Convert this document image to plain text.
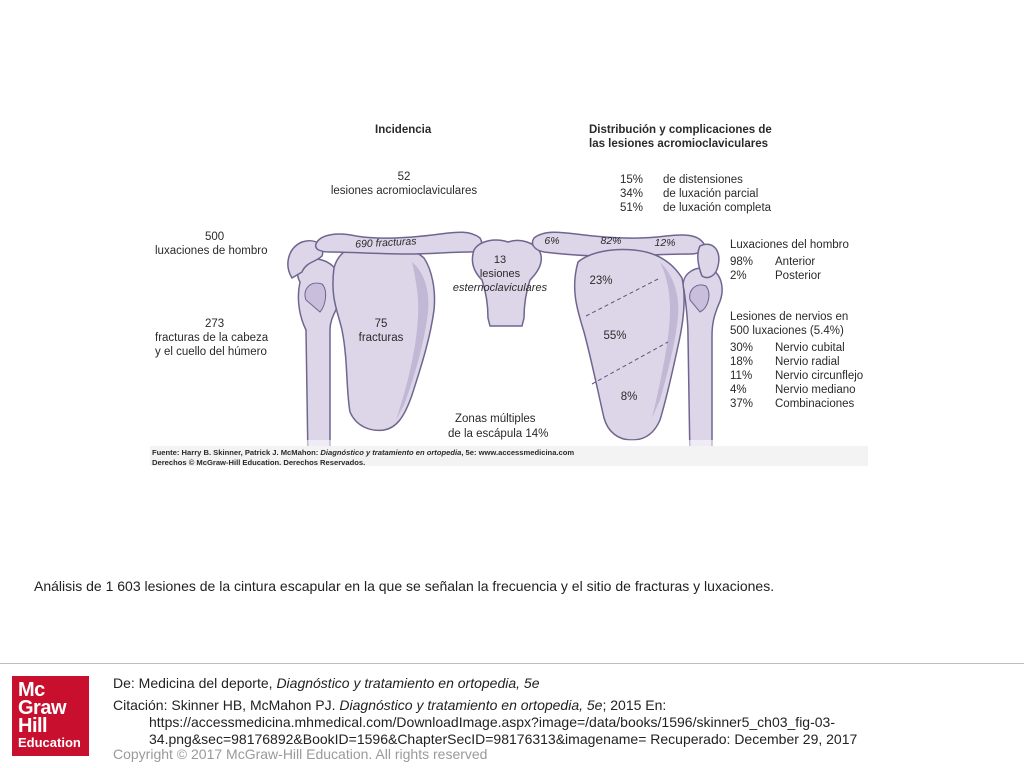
Incidencia	Distribución y complicaciones de
las lesiones acromioclaviculares
52
lesiones acromioclaviculares
500
luxaciones de hombro
273
fracturas de la cabeza
y el cuello del húmero
690 fracturas
13
lesiones
esternoclaviculares
75
fracturas
Zonas múltiples
de la escápula 14%
15% de distensiones
34% de luxación parcial
51% de luxación completa
6%	82%	12%
23%
55%
8%
Luxaciones del hombro
98% Anterior
2% Posterior
Lesiones de nervios en
500 luxaciones (5.4%)
30% Nervio cubital
18% Nervio radial
11% Nervio circunflejo
4% Nervio mediano
37% Combinaciones
Fuente: Harry B. Skinner, Patrick J. McMahon: Diagnóstico y tratamiento en ortopedia, 5e: www.accessmedicina.com
Derechos © McGraw-Hill Education. Derechos Reservados.
Análisis de 1 603 lesiones de la cintura escapular en la que se señalan la frecuencia y el sitio de fracturas y luxaciones.
Mc
Graw
Hill
Education
De: Medicina del deporte, Diagnóstico y tratamiento en ortopedia, 5e
Citación: Skinner HB, McMahon PJ. Diagnóstico y tratamiento en ortopedia, 5e; 2015 En:
https://accessmedicina.mhmedical.com/DownloadImage.aspx?image=/data/books/1596/skinner5_ch03_fig-03-
34.png&sec=98176892&BookID=1596&ChapterSecID=98176313&imagename= Recuperado: December 29, 2017
Copyright © 2017 McGraw-Hill Education. All rights reserved
